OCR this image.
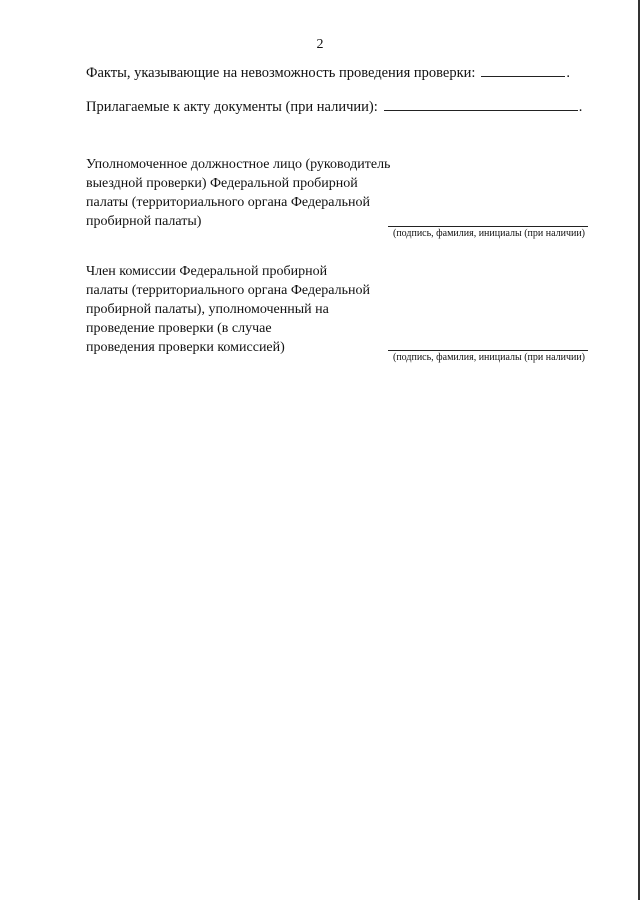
2
Факты, указывающие на невозможность проведения проверки:	.
Прилагаемые к акту документы (при наличии):	.
Уполномоченное должностное лицо (руководитель
выездной проверки) Федеральной пробирной
палаты (территориального органа Федеральной
пробирной палаты)
(подпись, фамилия, инициалы (при наличии)
Член комиссии Федеральной пробирной
палаты (территориального органа Федеральной
пробирной палаты), уполномоченный на
проведение проверки (в случае
проведения проверки комиссией)
(подпись, фамилия, инициалы (при наличии)
